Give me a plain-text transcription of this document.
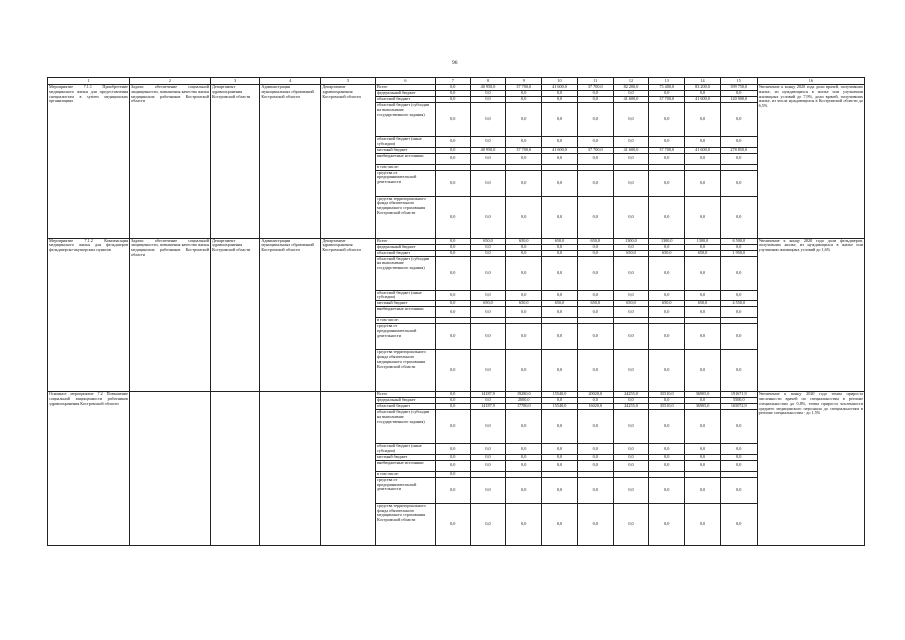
96
1	2	3	4	5	6	7	8	9	10	11	12	13	14	15	16
Мероприятие 7.1.1 Приобретение медицинского жилья для предоставления специалистам в system медицинских организациях	Задача: обеспечение социальной защищенности, повышения качества жилья медицинских работников Костромской области	Департамент здравоохранения Костромской области	Администрации муниципальных образований Костромской области	Департамент здравоохранения Костромской области	Всего	0,0	40 950,0	37 700,0	41 600,0	37 700,0	82 200,0	75 400,0	83 200,0	399 750,0	Увеличение к концу 2020 года доли врачей, получивших жилье, из нуждающихся в жилье или улучшении жилищных условий до 7,9%, доли врачей, получивших жилье, из числа нуждающихся в Костромской области до 6,5%
					федеральный бюджет	0,0	0,0	0,0	0,0	0,0	0,0	0,0	0,0	0,0	
					областной бюджет	0,0	0,0	0,0	0,0	0,0	41 600,0	37 700,0	41 600,0	120 900,0	
					областной бюджет (субсидии на выполнение государственного задания)	0,0	0,0	0,0	0,0	0,0	0,0	0,0	0,0	0,0	
					областной бюджет (иные субсидии)	0,0	0,0	0,0	0,0	0,0	0,0	0,0	0,0	0,0	
					местный бюджет	0,0	40 950,0	37 700,0	41 600,0	37 700,0	41 600,0	37 700,0	41 600,0	278 850,0	
					внебюджетные источники	0,0	0,0	0,0	0,0	0,0	0,0	0,0	0,0	0,0	
					в том числе:										
					средства от предпринимательской деятельности	0,0	0,0	0,0	0,0	0,0	0,0	0,0	0,0	0,0	
					средства территориального фонда обязательного медицинского страхования Костромской области	0,0	0,0	0,0	0,0	0,0	0,0	0,0	0,0	0,0	
Мероприятие 7.1.2 Компенсация медицинского жилья для фельдшеров фельдшерско-акушерских пунктов	Задача: обеспечение социальной защищенности, повышения качества жилья медицинских работников Костромской области	Департамент здравоохранения Костромской области	Администрации муниципальных образований Костромской области	Департамент здравоохранения Костромской области	Всего	0,0	650,0	650,0	650,0	650,0	1300,0	1300,0	1300,0	6 500,0	Увеличение к концу 2020 года доли фельдшеров, получивших жилье, из нуждающихся в жилье или улучшении жилищных условий до 1,6%
					федеральный бюджет	0,0	0,0	0,0	0,0	0,0	0,0	0,0	0,0	0,0	
					областной бюджет	0,0	0,0	0,0	0,0	0,0	650,0	650,0	650,0	1 950,0	
					областной бюджет (субсидии на выполнение государственного задания)	0,0	0,0	0,0	0,0	0,0	0,0	0,0	0,0	0,0	
					областной бюджет (иные субсидии)	0,0	0,0	0,0	0,0	0,0	0,0	0,0	0,0	0,0	
					местный бюджет	0,0	650,0	650,0	650,0	650,0	650,0	650,0	650,0	4 550,0	
					внебюджетные источники	0,0	0,0	0,0	0,0	0,0	0,0	0,0	0,0	0,0	
					в том числе:										
					средства от предпринимательской деятельности	0,0	0,0	0,0	0,0	0,0	0,0	0,0	0,0	0,0	
					средства территориального фонда обязательного медицинского страхования Костромской области	0,0	0,0	0,0	0,0	0,0	0,0	0,0	0,0	0,0	
Основное мероприятие 7.2 Повышение социальной защищенности работников здравоохранения Костромской области					Всего	0,0	14187,9	19280,0	15540,0	20020,0	24255,0	35510,0	36905,0	191671,9	Увеличение к концу 2020 года темпа прироста численности врачей по специальностям в регионе специальностям до 0,8%, темпа прироста численности среднего медицинского персонала до специальностям в регионе специальностям - до 1,5%
					федеральный бюджет	0,0	0,0	2000,0	0,0	0,0	0,0	0,0	0,0	5500,0	
					областной бюджет	0,0	14187,9	17780,0	15540,0	16020,0	24255,0	35510,0	36905,0	165072,9	
					областной бюджет (субсидии на выполнение государственного задания)	0,0	0,0	0,0	0,0	0,0	0,0	0,0	0,0	0,0	
					областной бюджет (иные субсидии)	0,0	0,0	0,0	0,0	0,0	0,0	0,0	0,0	0,0	
					местный бюджет	0,0	0,0	0,0	0,0	0,0	0,0	0,0	0,0	0,0	
					внебюджетные источники	0,0	0,0	0,0	0,0	0,0	0,0	0,0	0,0	0,0	
					в том числе:	0,0									
					средства от предпринимательской деятельности	0,0	0,0	0,0	0,0	0,0	0,0	0,0	0,0	0,0	
					средства территориального фонда обязательного медицинского страхования Костромской области	0,0	0,0	0,0	0,0	0,0	0,0	0,0	0,0	0,0	
